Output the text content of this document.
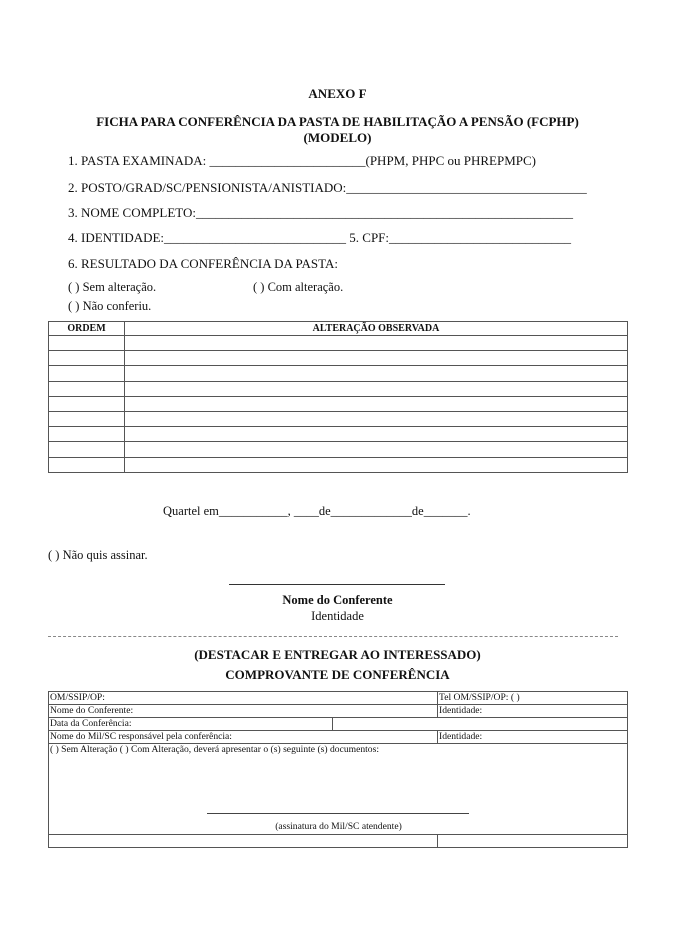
ANEXO F
FICHA PARA CONFERÊNCIA DA PASTA DE HABILITAÇÃO A PENSÃO (FCPHP)
(MODELO)
1. PASTA EXAMINADA: ________________________(PHPM, PHPC ou PHREPMPC)
2. POSTO/GRAD/SC/PENSIONISTA/ANISTIADO:_____________________________________
3. NOME COMPLETO:__________________________________________________________
4. IDENTIDADE:____________________________ 5. CPF:____________________________
6. RESULTADO DA CONFERÊNCIA DA PASTA:
( ) Sem alteração.	( ) Com alteração.
( ) Não conferiu.
ORDEM	ALTERAÇÃO OBSERVADA

Quartel em___________, ____de_____________de_______.
( ) Não quis assinar.
Nome do Conferente
Identidade
(DESTACAR E ENTREGAR AO INTERESSADO)
COMPROVANTE DE CONFERÊNCIA
OM/SSIP/OP:		Tel OM/SSIP/OP: ( )
Nome do Conferente:		Identidade:
Data da Conferência:		
Nome do Mil/SC responsável pela conferência:		Identidade:

( ) Sem Alteração ( ) Com Alteração, deverá apresentar o (s) seguinte (s) documentos:
(assinatura do Mil/SC atendente)		
